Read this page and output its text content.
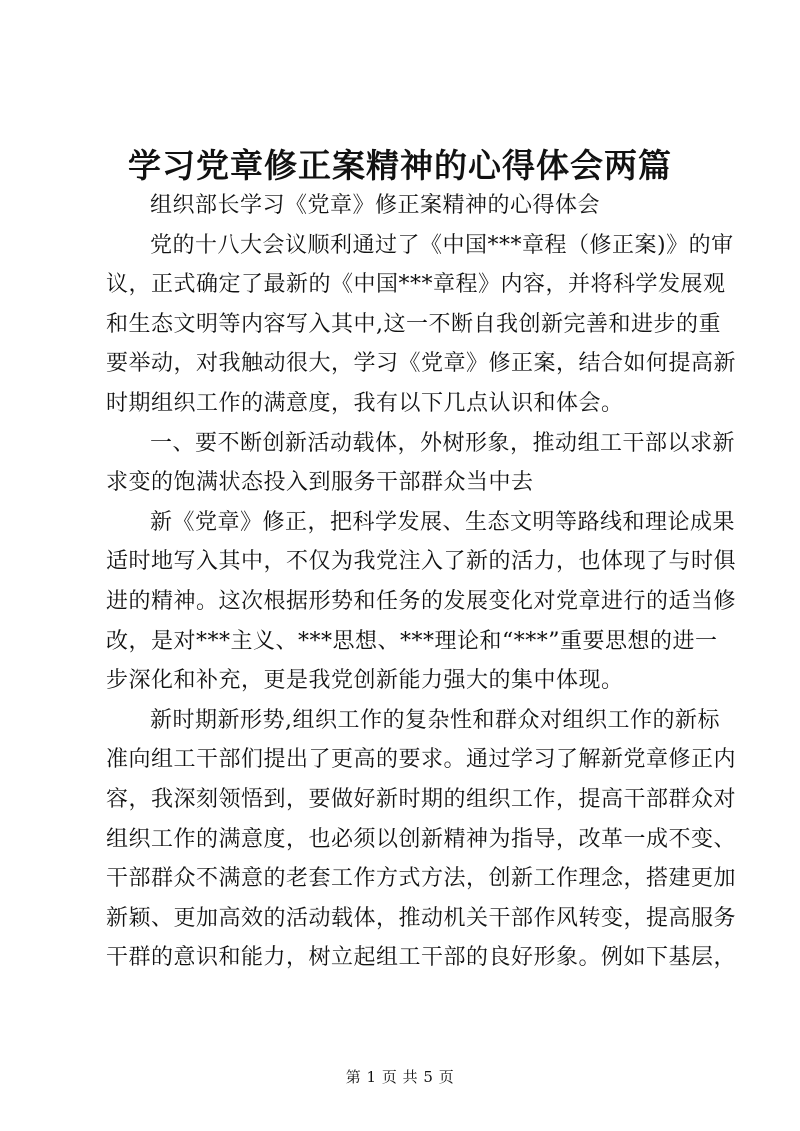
学习党章修正案精神的心得体会两篇

组织部长学习《党章》修正案精神的心得体会

党的十八大会议顺利通过了《中国***章程（修正案)》的审
议，正式确定了最新的《中国***章程》内容，并将科学发展观
和生态文明等内容写入其中,这一不断自我创新完善和进步的重
要举动，对我触动很大，学习《党章》修正案，结合如何提高新
时期组织工作的满意度，我有以下几点认识和体会。

一、要不断创新活动载体，外树形象，推动组工干部以求新
求变的饱满状态投入到服务干部群众当中去

新《党章》修正，把科学发展、生态文明等路线和理论成果
适时地写入其中，不仅为我党注入了新的活力，也体现了与时俱
进的精神。这次根据形势和任务的发展变化对党章进行的适当修
改，是对***主义、***思想、***理论和“***”重要思想的进一
步深化和补充，更是我党创新能力强大的集中体现。

新时期新形势,组织工作的复杂性和群众对组织工作的新标
准向组工干部们提出了更高的要求。通过学习了解新党章修正内
容，我深刻领悟到，要做好新时期的组织工作，提高干部群众对
组织工作的满意度，也必须以创新精神为指导，改革一成不变、
干部群众不满意的老套工作方式方法，创新工作理念，搭建更加
新颖、更加高效的活动载体，推动机关干部作风转变，提高服务
干群的意识和能力，树立起组工干部的良好形象。例如下基层，

第 1 页 共 5 页
